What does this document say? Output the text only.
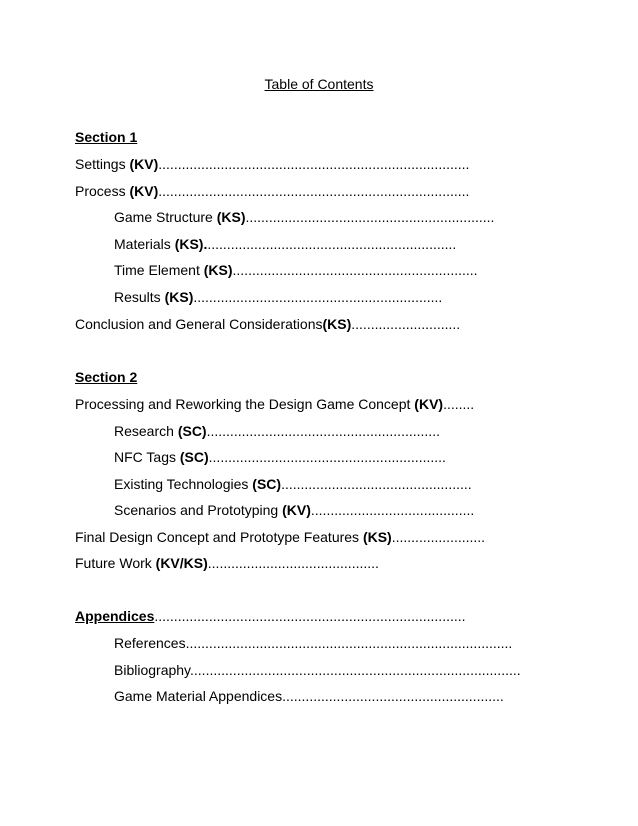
Table of Contents
Section 1
Settings (KV)................................................................................
Process (KV)................................................................................
Game Structure (KS)................................................................
Materials (KS).................................................................
Time Element (KS)...............................................................
Results (KS)................................................................
Conclusion and General Considerations(KS)............................
Section 2
Processing and Reworking the Design Game Concept (KV)........
Research (SC)............................................................
NFC Tags (SC).............................................................
Existing Technologies (SC).................................................
Scenarios and Prototyping (KV)..........................................
Final Design Concept and Prototype Features (KS)........................
Future Work (KV/KS)............................................
Appendices................................................................................
References....................................................................................
Bibliography.....................................................................................
Game Material Appendices.........................................................
